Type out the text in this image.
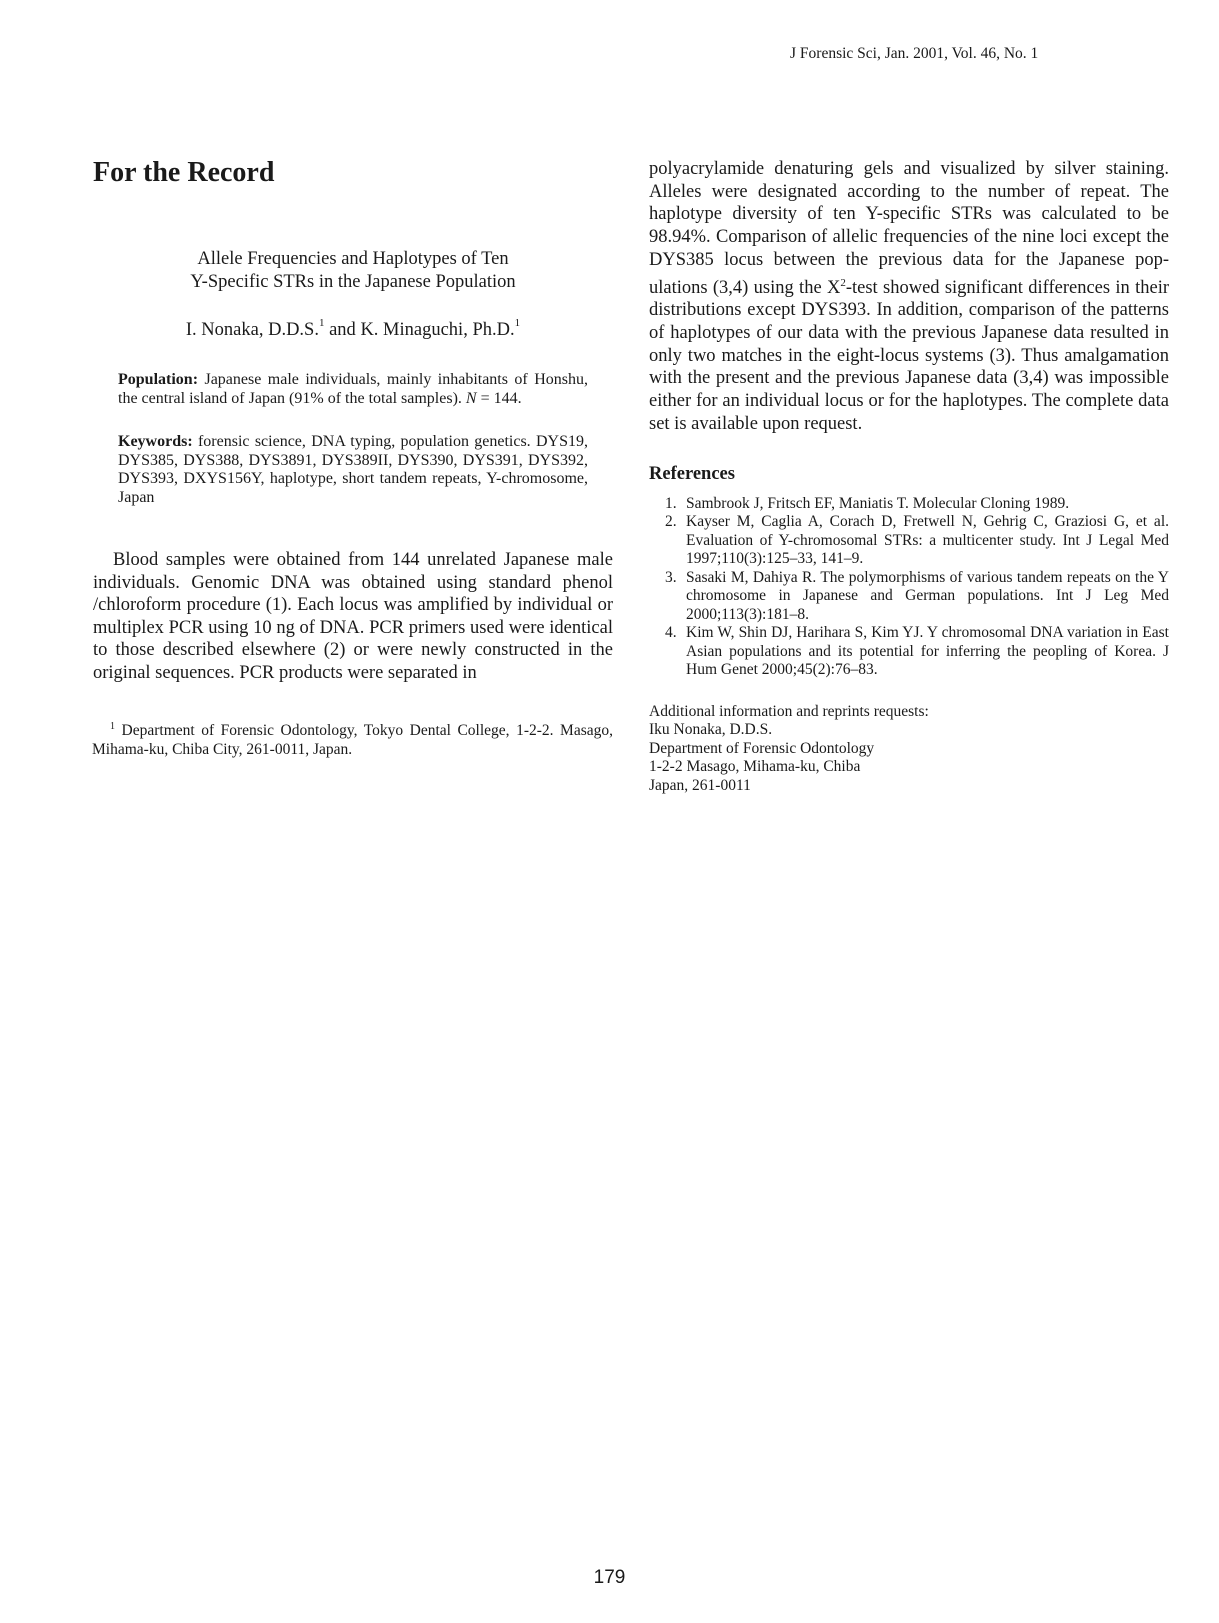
J Forensic Sci, Jan. 2001, Vol. 46, No. 1
For the Record
Allele Frequencies and Haplotypes of Ten
Y-Specific STRs in the Japanese Population
I. Nonaka, D.D.S.$^1$ and K. Minaguchi, Ph.D.$^1$
Population: Japanese male individuals, mainly inhabitants of Honshu, the central island of Japan (91% of the total samples). N = 144.
Keywords: forensic science, DNA typing, population genetics. DYS19, DYS385, DYS388, DYS3891, DYS389II, DYS390, DYS391, DYS392, DYS393, DXYS156Y, haplotype, short tandem repeats, Y-chromosome, Japan

Blood samples were obtained from 144 unrelated Japanese male individuals. Genomic DNA was obtained using standard phenol /chloroform procedure (1). Each locus was amplified by individual or multiplex PCR using 10 ng of DNA. PCR primers used were identical to those described elsewhere (2) or were newly constructed in the original sequences. PCR products were separated in

$^1$ Department of Forensic Odontology, Tokyo Dental College, 1-2-2. Masago, Mihama-ku, Chiba City, 261-0011, Japan.

polyacrylamide denaturing gels and visualized by silver staining. Alleles were designated according to the number of repeat. The haplotype diversity of ten Y-specific STRs was calculated to be 98.94%. Comparison of allelic frequencies of the nine loci except the DYS385 locus between the previous data for the Japanese populations (3,4) using the $X^2$-test showed significant differences in their distributions except DYS393. In addition, comparison of the patterns of haplotypes of our data with the previous Japanese data resulted in only two matches in the eight-locus systems (3). Thus amalgamation with the present and the previous Japanese data (3,4) was impossible either for an individual locus or for the haplotypes. The complete data set is available upon request.

References
1. Sambrook J, Fritsch EF, Maniatis T. Molecular Cloning 1989.
2. Kayser M, Caglia A, Corach D, Fretwell N, Gehrig C, Graziosi G, et al. Evaluation of Y-chromosomal STRs: a multicenter study. Int J Legal Med 1997;110(3):125–33, 141–9.
3. Sasaki M, Dahiya R. The polymorphisms of various tandem repeats on the Y chromosome in Japanese and German populations. Int J Leg Med 2000;113(3):181–8.
4. Kim W, Shin DJ, Harihara S, Kim YJ. Y chromosomal DNA variation in East Asian populations and its potential for inferring the peopling of Korea. J Hum Genet 2000;45(2):76–83.
Additional information and reprints requests:
Iku Nonaka, D.D.S.
Department of Forensic Odontology
1-2-2 Masago, Mihama-ku, Chiba
Japan, 261-0011
179
